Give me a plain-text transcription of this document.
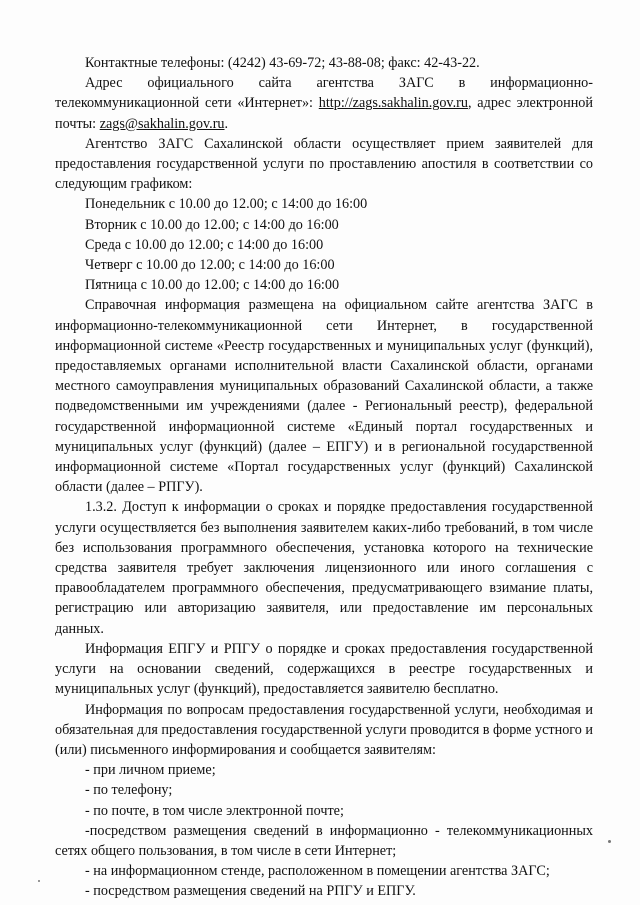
Контактные телефоны: (4242) 43-69-72; 43-88-08; факс: 42-43-22.

Адрес официального сайта агентства ЗАГС в информационно-телекоммуникационной сети «Интернет»: http://zags.sakhalin.gov.ru, адрес электронной почты: zags@sakhalin.gov.ru.

Агентство ЗАГС Сахалинской области осуществляет прием заявителей для предоставления государственной услуги по проставлению апостиля в соответствии со следующим графиком:

Понедельник с 10.00 до 12.00; с 14:00 до 16:00

Вторник с 10.00 до 12.00; с 14:00 до 16:00

Среда с 10.00 до 12.00; с 14:00 до 16:00

Четверг с 10.00 до 12.00; с 14:00 до 16:00

Пятница с 10.00 до 12.00; с 14:00 до 16:00

Справочная информация размещена на официальном сайте агентства ЗАГС в информационно-телекоммуникационной сети Интернет, в государственной информационной системе «Реестр государственных и муниципальных услуг (функций), предоставляемых органами исполнительной власти Сахалинской области, органами местного самоуправления муниципальных образований Сахалинской области, а также подведомственными им учреждениями (далее - Региональный реестр), федеральной государственной информационной системе «Единый портал государственных и муниципальных услуг (функций) (далее – ЕПГУ) и в региональной государственной информационной системе «Портал государственных услуг (функций) Сахалинской области (далее – РПГУ).

1.3.2. Доступ к информации о сроках и порядке предоставления государственной услуги осуществляется без выполнения заявителем каких-либо требований, в том числе без использования программного обеспечения, установка которого на технические средства заявителя требует заключения лицензионного или иного соглашения с правообладателем программного обеспечения, предусматривающего взимание платы, регистрацию или авторизацию заявителя, или предоставление им персональных данных.

Информация ЕПГУ и РПГУ о порядке и сроках предоставления государственной услуги на основании сведений, содержащихся в реестре государственных и муниципальных услуг (функций), предоставляется заявителю бесплатно.

Информация по вопросам предоставления государственной услуги, необходимая и обязательная для предоставления государственной услуги проводится в форме устного и (или) письменного информирования и сообщается заявителям:

- при личном приеме;

- по телефону;

- по почте, в том числе электронной почте;

-посредством размещения сведений в информационно - телекоммуникационных сетях общего пользования, в том числе в сети Интернет;

- на информационном стенде, расположенном в помещении агентства ЗАГС;

- посредством размещения сведений на РПГУ и ЕПГУ.
